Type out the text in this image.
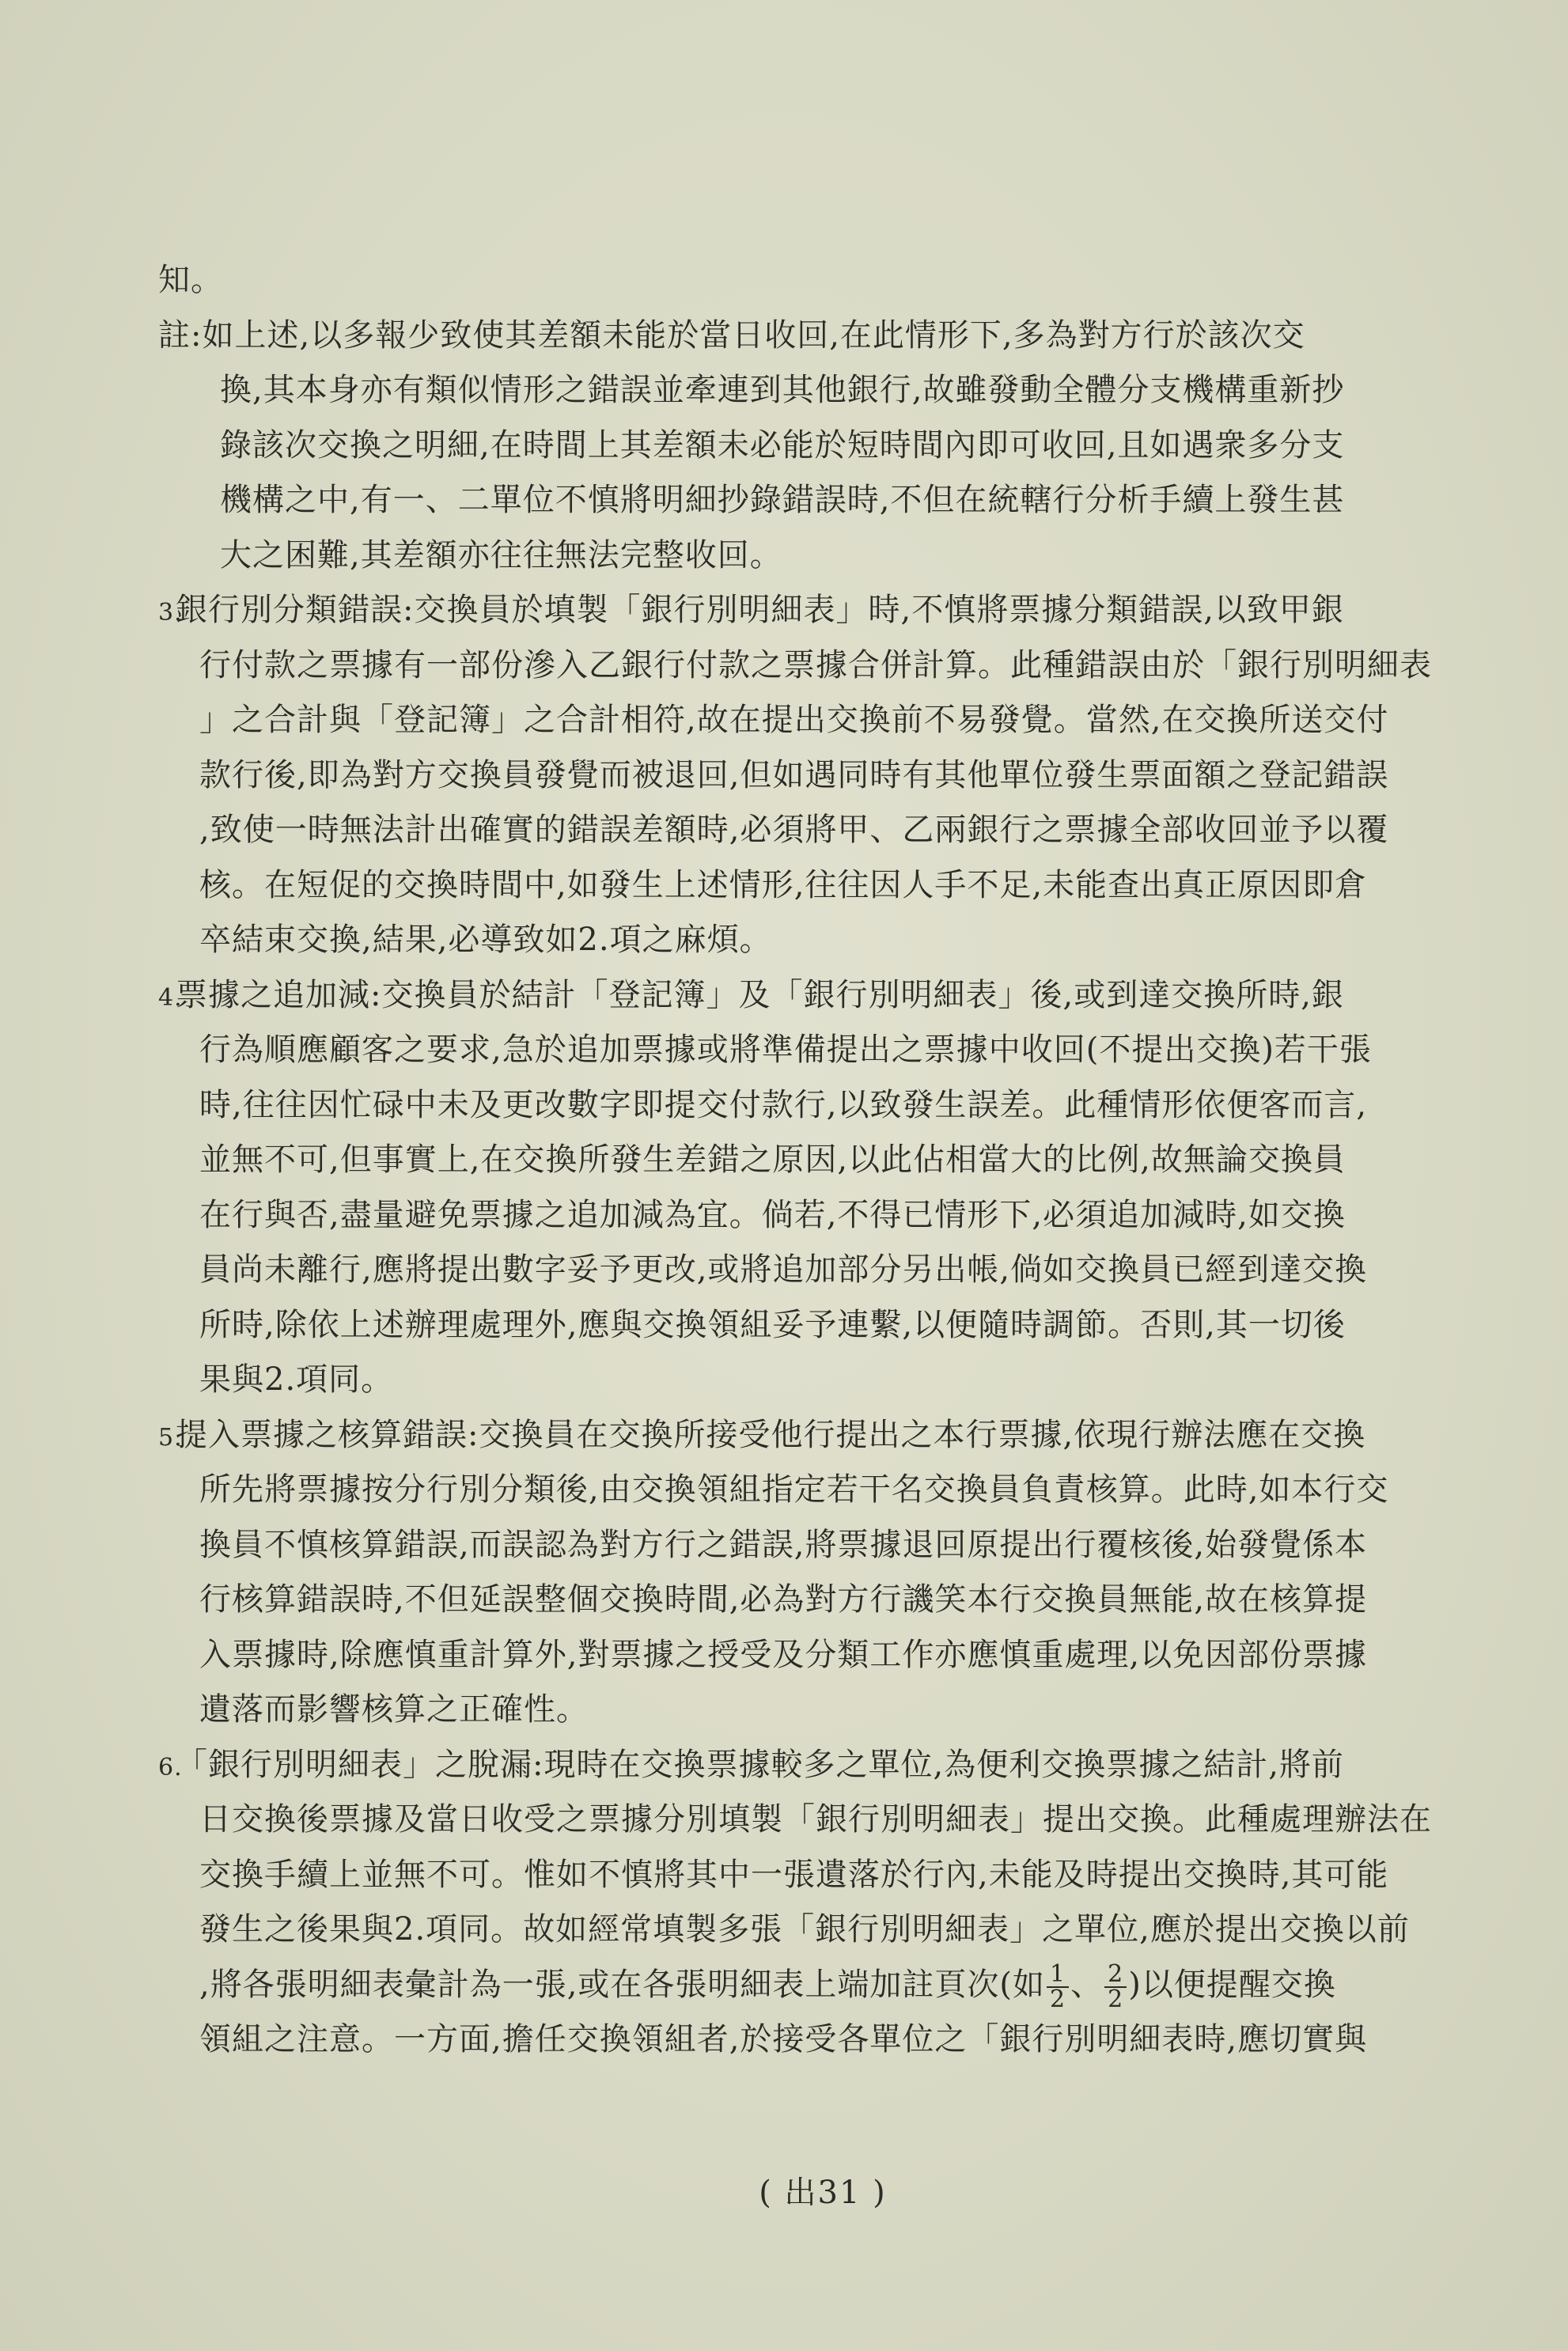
知。
註:如上述,以多報少致使其差額未能於當日收回,在此情形下,多為對方行於該次交
換,其本身亦有類似情形之錯誤並牽連到其他銀行,故雖發動全體分支機構重新抄
錄該次交換之明細,在時間上其差額未必能於短時間內即可收回,且如遇衆多分支
機構之中,有一、二單位不慎將明細抄錄錯誤時,不但在統轄行分析手續上發生甚
大之困難,其差額亦往往無法完整收回。
3.銀行別分類錯誤:交換員於填製「銀行別明細表」時,不慎將票據分類錯誤,以致甲銀
行付款之票據有一部份滲入乙銀行付款之票據合併計算。此種錯誤由於「銀行別明細表
」之合計與「登記簿」之合計相符,故在提出交換前不易發覺。當然,在交換所送交付
款行後,即為對方交換員發覺而被退回,但如遇同時有其他單位發生票面額之登記錯誤
,致使一時無法計出確實的錯誤差額時,必須將甲、乙兩銀行之票據全部收回並予以覆
核。在短促的交換時間中,如發生上述情形,往往因人手不足,未能查出真正原因即倉
卒結束交換,結果,必導致如2.項之麻煩。
4.票據之追加減:交換員於結計「登記簿」及「銀行別明細表」後,或到達交換所時,銀
行為順應顧客之要求,急於追加票據或將準備提出之票據中收回(不提出交換)若干張
時,往往因忙碌中未及更改數字即提交付款行,以致發生誤差。此種情形依便客而言,
並無不可,但事實上,在交換所發生差錯之原因,以此佔相當大的比例,故無論交換員
在行與否,盡量避免票據之追加減為宜。倘若,不得已情形下,必須追加減時,如交換
員尚未離行,應將提出數字妥予更改,或將追加部分另出帳,倘如交換員已經到達交換
所時,除依上述辦理處理外,應與交換領組妥予連繫,以便隨時調節。否則,其一切後
果與2.項同。
5.提入票據之核算錯誤:交換員在交換所接受他行提出之本行票據,依現行辦法應在交換
所先將票據按分行別分類後,由交換領組指定若干名交換員負責核算。此時,如本行交
換員不慎核算錯誤,而誤認為對方行之錯誤,將票據退回原提出行覆核後,始發覺係本
行核算錯誤時,不但延誤整個交換時間,必為對方行譏笑本行交換員無能,故在核算提
入票據時,除應慎重計算外,對票據之授受及分類工作亦應慎重處理,以免因部份票據
遺落而影響核算之正確性。
6.「銀行別明細表」之脫漏:現時在交換票據較多之單位,為便利交換票據之結計,將前
日交換後票據及當日收受之票據分別填製「銀行別明細表」提出交換。此種處理辦法在
交換手續上並無不可。惟如不慎將其中一張遺落於行內,未能及時提出交換時,其可能
發生之後果與2.項同。故如經常填製多張「銀行別明細表」之單位,應於提出交換以前
,將各張明細表彙計為一張,或在各張明細表上端加註頁次(如 $\frac{1}{2}$ 、 $\frac{2}{2}$ )以便提醒交換
領組之注意。一方面,擔任交換領組者,於接受各單位之「銀行別明細表時,應切實與
( 出31 )
